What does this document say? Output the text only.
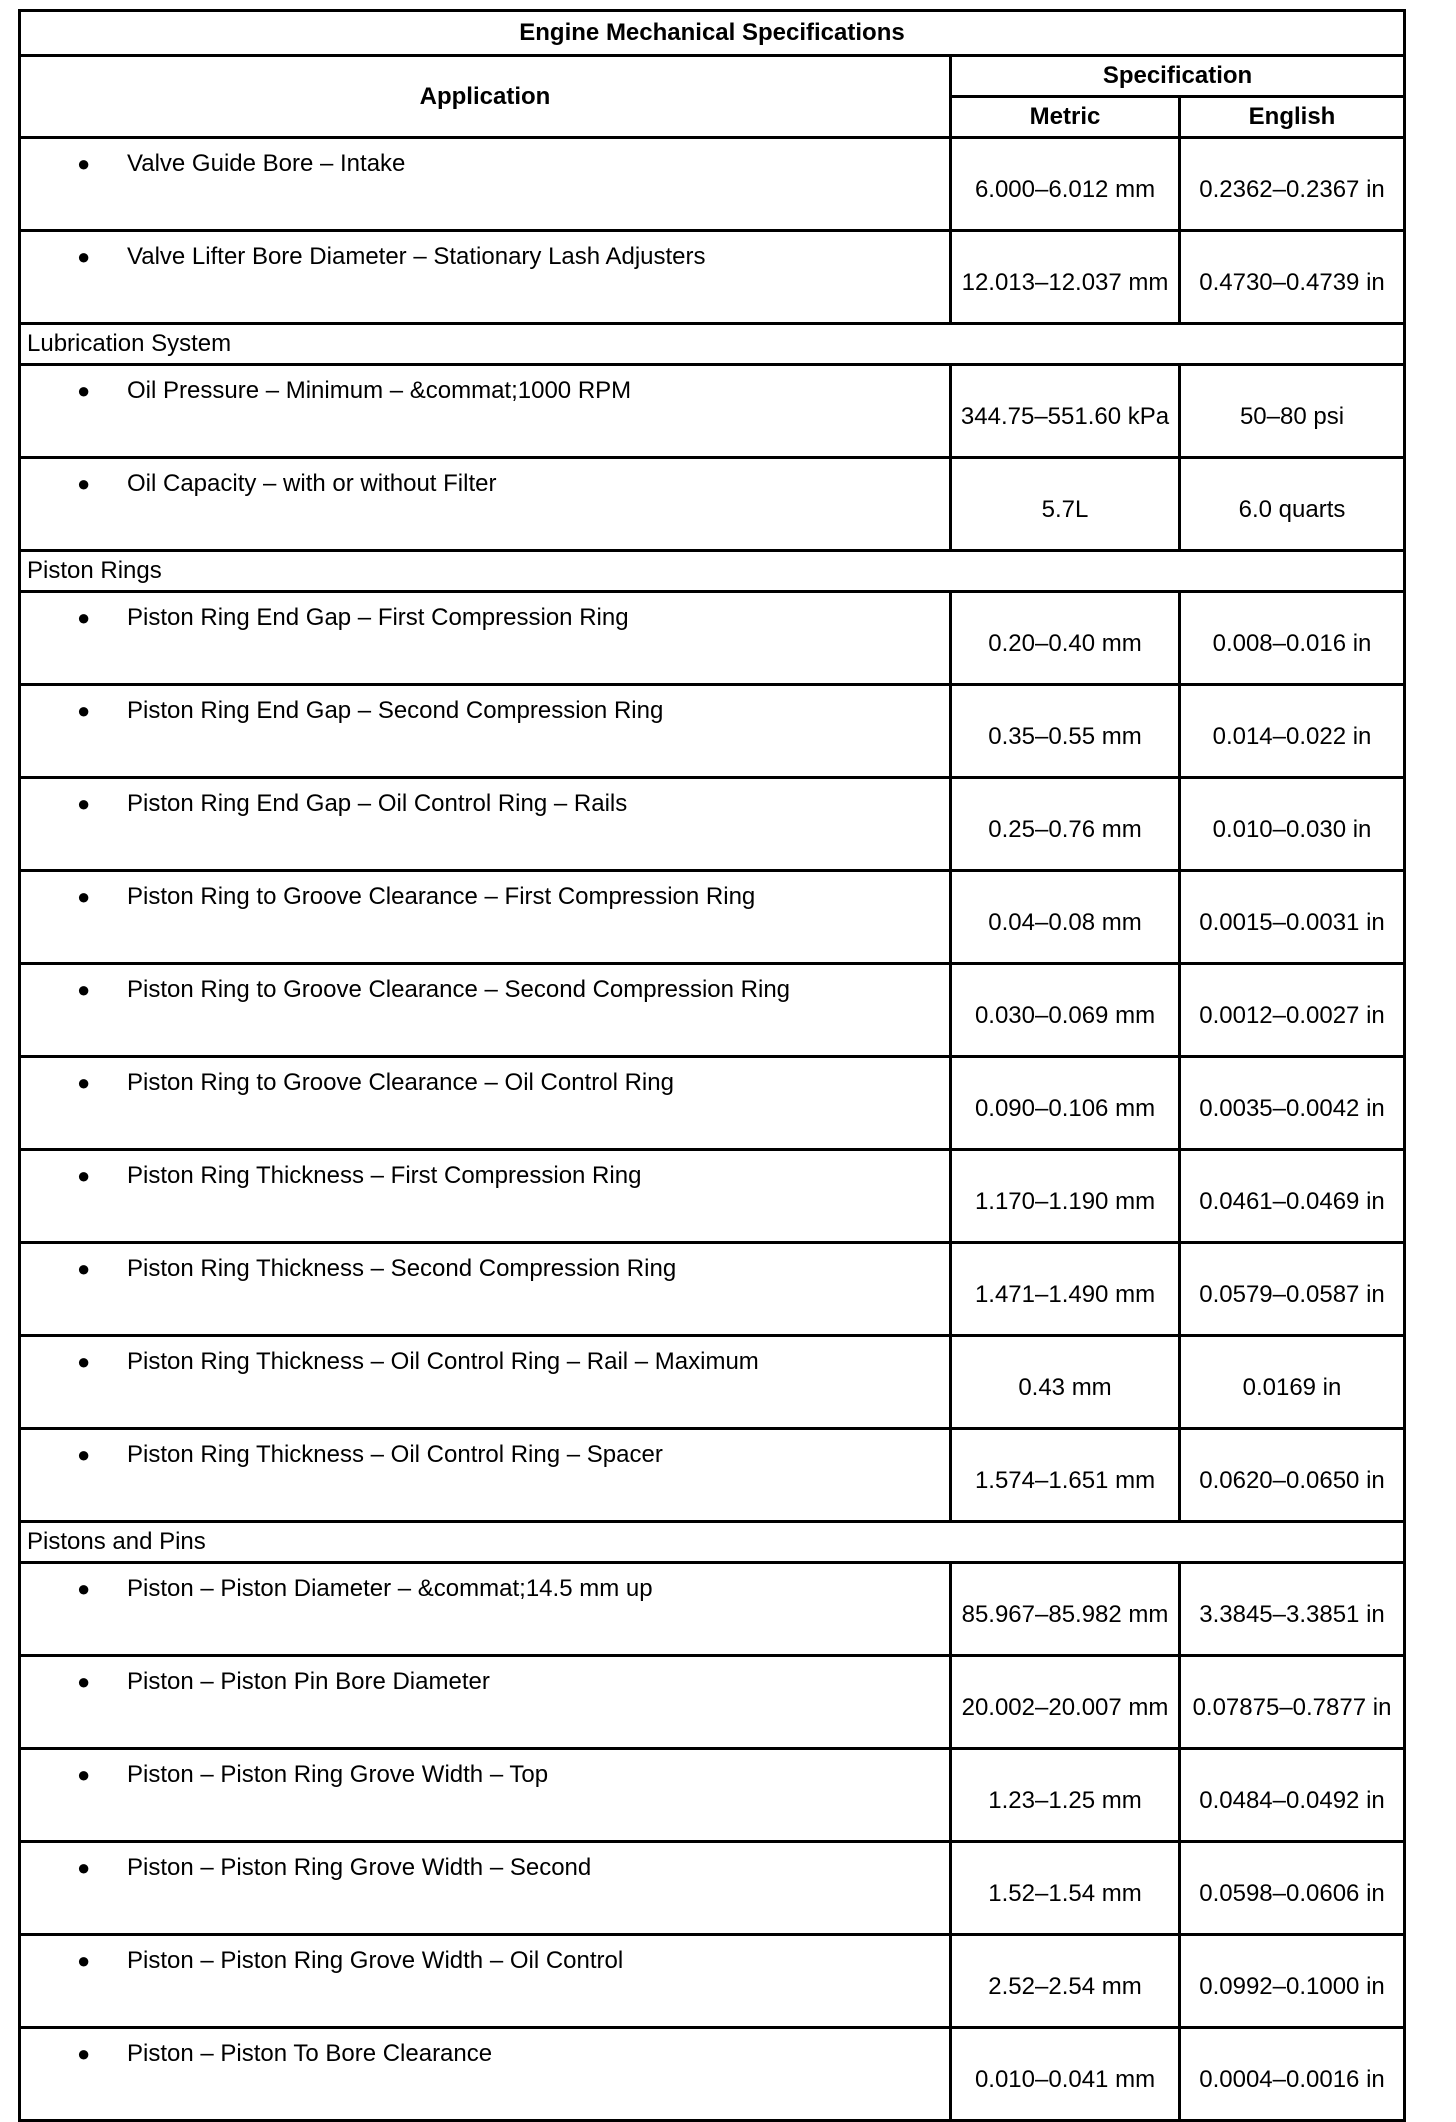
Engine Mechanical Specifications		
Application	Specification	
	Metric	English

● Valve Guide Bore – Intake	6.000–6.012 mm	0.2362–0.2367 in

● Valve Lifter Bore Diameter – Stationary Lash Adjusters	12.013–12.037 mm	0.4730–0.4739 in
Lubrication System		

● Oil Pressure – Minimum – &commat;1000 RPM	344.75–551.60 kPa	50–80 psi

● Oil Capacity – with or without Filter	5.7L	6.0 quarts
Piston Rings		

● Piston Ring End Gap – First Compression Ring	0.20–0.40 mm	0.008–0.016 in

● Piston Ring End Gap – Second Compression Ring	0.35–0.55 mm	0.014–0.022 in

● Piston Ring End Gap – Oil Control Ring – Rails	0.25–0.76 mm	0.010–0.030 in

● Piston Ring to Groove Clearance – First Compression Ring	0.04–0.08 mm	0.0015–0.0031 in

● Piston Ring to Groove Clearance – Second Compression Ring	0.030–0.069 mm	0.0012–0.0027 in

● Piston Ring to Groove Clearance – Oil Control Ring	0.090–0.106 mm	0.0035–0.0042 in

● Piston Ring Thickness – First Compression Ring	1.170–1.190 mm	0.0461–0.0469 in

● Piston Ring Thickness – Second Compression Ring	1.471–1.490 mm	0.0579–0.0587 in

● Piston Ring Thickness – Oil Control Ring – Rail – Maximum	0.43 mm	0.0169 in

● Piston Ring Thickness – Oil Control Ring – Spacer	1.574–1.651 mm	0.0620–0.0650 in
Pistons and Pins		

● Piston – Piston Diameter – &commat;14.5 mm up	85.967–85.982 mm	3.3845–3.3851 in

● Piston – Piston Pin Bore Diameter	20.002–20.007 mm	0.07875–0.7877 in

● Piston – Piston Ring Grove Width – Top	1.23–1.25 mm	0.0484–0.0492 in

● Piston – Piston Ring Grove Width – Second	1.52–1.54 mm	0.0598–0.0606 in

● Piston – Piston Ring Grove Width – Oil Control	2.52–2.54 mm	0.0992–0.1000 in

● Piston – Piston To Bore Clearance	0.010–0.041 mm	0.0004–0.0016 in
